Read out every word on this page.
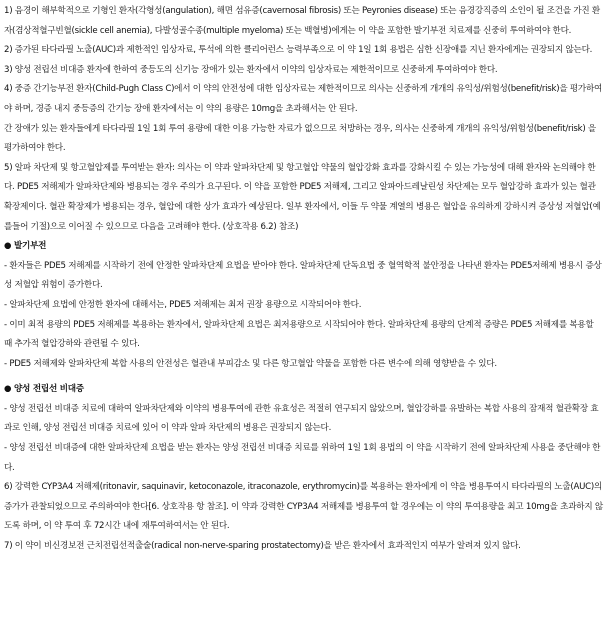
1) 음경이 해부학적으로 기형인 환자(각형성(angulation), 해면 섬유증(cavernosal fibrosis) 또는 Peyronies disease) 또는 음경강직증의 소인이 될 조건을 가진 환자(겸상적혈구빈혈(sickle cell anemia), 다발성골수종(multiple myeloma) 또는 백혈병)에게는 이 약을 포함한 발기부전 치료제를 신중히 투여하여야 한다.

2) 증가된 타다라필 노출(AUC)과 제한적인 임상자료, 투석에 의한 클리어런스 능력부족으로 이 약 1일 1회 용법은 심한 신장애를 지닌 환자에게는 권장되지 않는다.

3) 양성 전립선 비대증 환자에 한하여 중등도의 신기능 장애가 있는 환자에서 이약의 임상자료는 제한적이므로 신중하게 투여하여야 한다.

4) 중증 간기능부전 환자(Child-Pugh Class C)에서 이 약의 안전성에 대한 임상자료는 제한적이므로 의사는 신중하게 개개의 유익성/위험성(benefit/risk)을 평가하여야 하며, 경증 내지 중등증의 간기능 장애 환자에서는 이 약의 용량은 10mg을 초과해서는 안 된다.

간 장애가 있는 환자들에게 타다라필 1일 1회 투여 용량에 대한 이용 가능한 자료가 없으므로 처방하는 경우, 의사는 신중하게 개개의 유익성/위험성(benefit/risk) 을 평가하여야 한다.

5) 알파 차단제 및 항고혈압제를 투여받는 환자: 의사는 이 약과 알파차단제 및 항고혈압 약물의 혈압강화 효과를 강화시킬 수 있는 가능성에 대해 환자와 논의해야 한다. PDE5 저해제가 알파차단제와 병용되는 경우 주의가 요구된다. 이 약을 포함한 PDE5 저해제, 그리고 알파아드레날린성 차단제는 모두 혈압강하 효과가 있는 혈관 확장제이다. 혈관 확장제가 병용되는 경우, 혈압에 대한 상가 효과가 예상된다. 일부 환자에서, 이들 두 약물 계열의 병용은 혈압을 유의하게 강하시켜 증상성 저혈압(예를들어 기절)으로 이어질 수 있으므로 다음을 고려해야 한다. (상호작용 6.2) 참조)

● 발기부전

- 환자들은 PDE5 저해제를 시작하기 전에 안정한 알파차단제 요법을 받아야 한다. 알파차단제 단독요법 중 혈역학적 불안정을 나타낸 환자는 PDE5저해제 병용시 증상성 저혈압 위험이 증가한다.

- 알파차단제 요법에 안정한 환자에 대해서는, PDE5 저해제는 최저 권장 용량으로 시작되어야 한다.

- 이미 최적 용량의 PDE5 저해제를 복용하는 환자에서, 알파차단제 요법은 최저용량으로 시작되어야 한다. 알파차단제 용량의 단계적 증량은 PDE5 저해제를 복용할 때 추가적 혈압강하와 관련될 수 있다.

- PDE5 저해제와 알파차단제 복합 사용의 안전성은 혈관내 부피감소 및 다른 항고혈압 약물을 포함한 다른 변수에 의해 영향받을 수 있다.

● 양성 전립선 비대증

- 양성 전립선 비대증 치료에 대하여 알파차단제와 이약의 병용투여에 관한 유효성은 적절히 연구되지 않았으며, 혈압강하를 유발하는 복합 사용의 잠재적 혈관확장 효과로 인해, 양성 전립선 비대증 치료에 있어 이 약과 알파 차단제의 병용은 권장되지 않는다.

- 양성 전립선 비대증에 대한 알파차단제 요법을 받는 환자는 양성 전립선 비대증 치료를 위하여 1일 1회 용법의 이 약을 시작하기 전에 알파차단제 사용을 중단해야 한다.

6) 강력한 CYP3A4 저해제(ritonavir, saquinavir, ketoconazole, itraconazole, erythromycin)를 복용하는 환자에게 이 약을 병용투여시 타다라필의 노출(AUC)의 증가가 관찰되었으므로 주의하여야 한다[6. 상호작용 항 참조]. 이 약과 강력한 CYP3A4 저해제를 병용투여 할 경우에는 이 약의 투여용량을 최고 10mg을 초과하지 않도록 하며, 이 약 투여 후 72시간 내에 재투여하여서는 안 된다.

7) 이 약이 비신경보전 근치전립선적출술(radical non-nerve-sparing prostatectomy)을 받은 환자에서 효과적인지 여부가 알려져 있지 않다.
